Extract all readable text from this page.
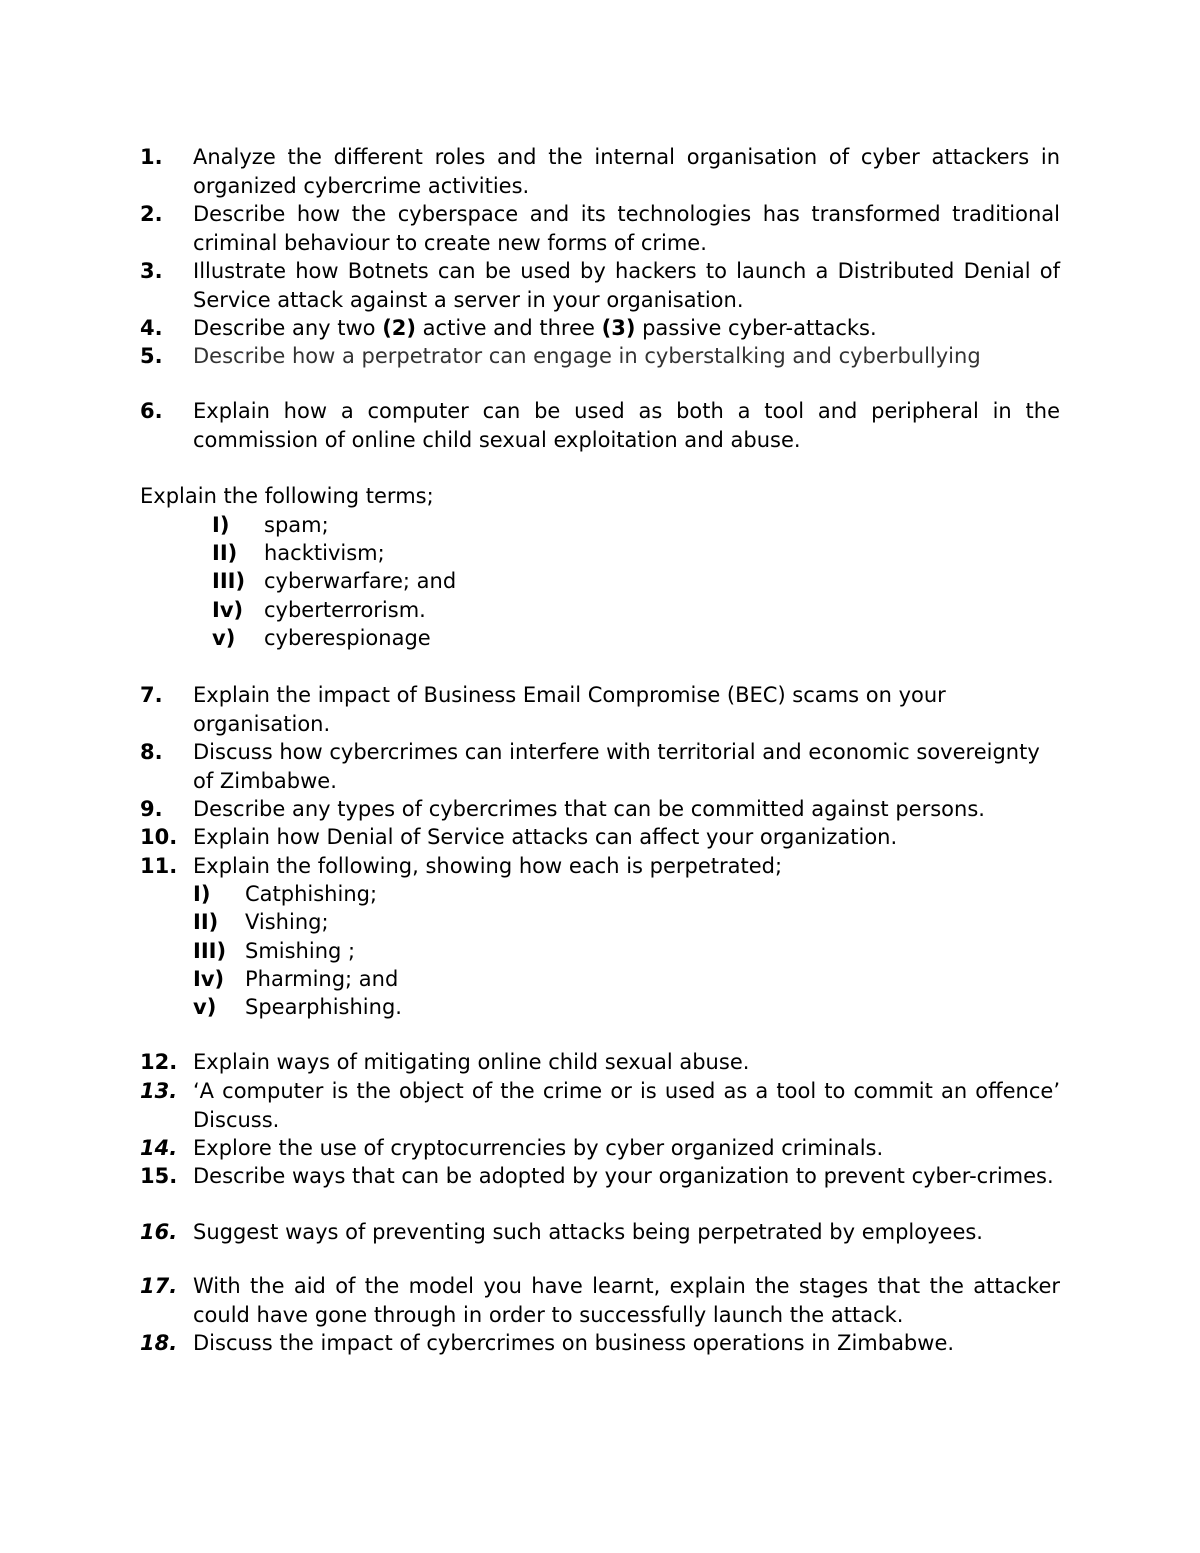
1. Analyze the different roles and the internal organisation of cyber attackers in organized cybercrime activities.
2. Describe how the cyberspace and its technologies has transformed traditional criminal behaviour to create new forms of crime.
3. Illustrate how Botnets can be used by hackers to launch a Distributed Denial of Service attack against a server in your organisation.
4. Describe any two (2) active and three (3) passive cyber-attacks.
5. Describe how a perpetrator can engage in cyberstalking and cyberbullying
6. Explain how a computer can be used as both a tool and peripheral in the commission of online child sexual exploitation and abuse.
Explain the following terms;
I) spam;
II) hacktivism;
III) cyberwarfare; and
Iv) cyberterrorism.
v) cyberespionage
7. Explain the impact of Business Email Compromise (BEC) scams on your organisation.
8. Discuss how cybercrimes can interfere with territorial and economic sovereignty of Zimbabwe.
9. Describe any types of cybercrimes that can be committed against persons.
10. Explain how Denial of Service attacks can affect your organization.
11. Explain the following, showing how each is perpetrated;
I) Catphishing;
II) Vishing;
III) Smishing ;
Iv) Pharming; and
v) Spearphishing.
12. Explain ways of mitigating online child sexual abuse.
13. ‘A computer is the object of the crime or is used as a tool to commit an offence’ Discuss.
14. Explore the use of cryptocurrencies by cyber organized criminals.
15. Describe ways that can be adopted by your organization to prevent cyber-crimes.
16. Suggest ways of preventing such attacks being perpetrated by employees.
17. With the aid of the model you have learnt, explain the stages that the attacker could have gone through in order to successfully launch the attack.
18. Discuss the impact of cybercrimes on business operations in Zimbabwe.
